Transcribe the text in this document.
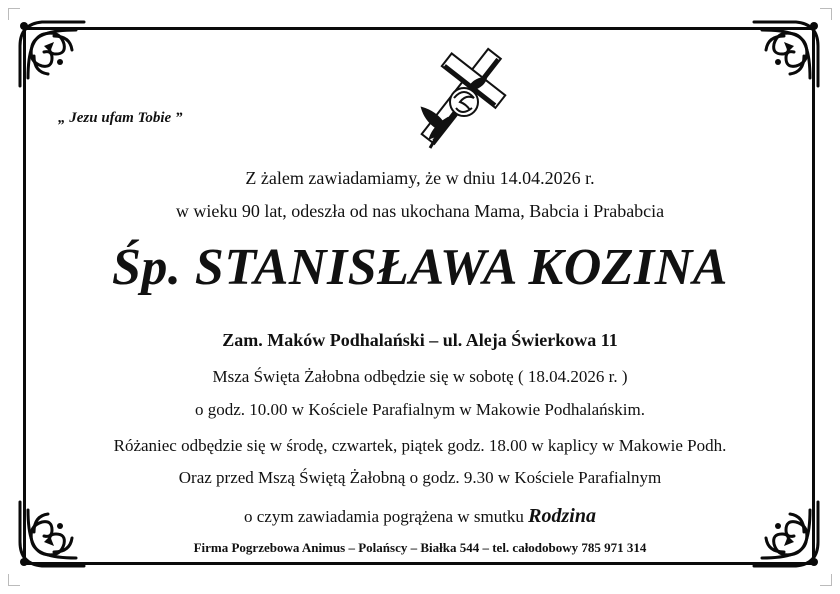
„ Jezu ufam Tobie ”
Z żalem zawiadamiamy, że w dniu 14.04.2026 r.
w wieku 90 lat, odeszła od nas ukochana Mama, Babcia i Prababcia
Śp. STANISŁAWA KOZINA
Zam. Maków Podhalański – ul. Aleja Świerkowa 11
Msza Święta Żałobna odbędzie się w sobotę ( 18.04.2026 r. )
o godz. 10.00 w Kościele Parafialnym w Makowie Podhalańskim.
Różaniec odbędzie się w środę, czwartek, piątek godz. 18.00 w kaplicy w Makowie Podh.
Oraz przed Mszą Świętą Żałobną o godz. 9.30 w Kościele Parafialnym
o czym zawiadamia pogrążena w smutku Rodzina
Firma Pogrzebowa Animus – Polańscy – Białka 544 – tel. całodobowy 785 971 314
